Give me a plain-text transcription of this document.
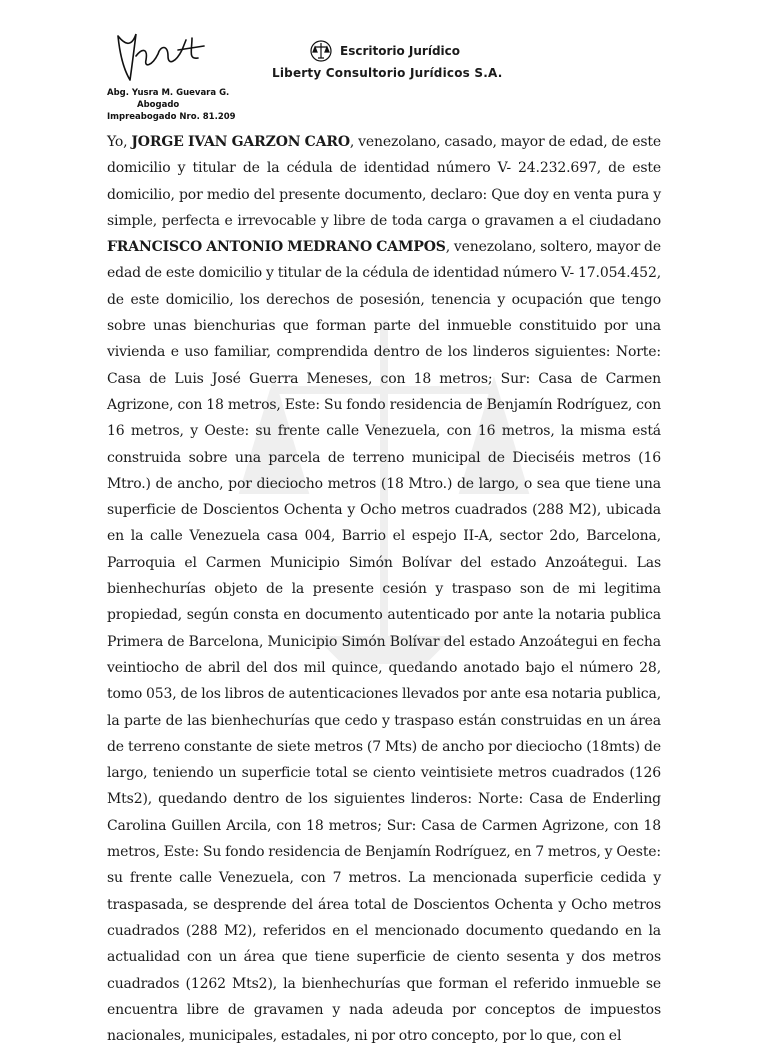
Abg. Yusra M. Guevara G.
Abogado
Impreabogado Nro. 81.209
Escritorio Jurídico
Liberty Consultorio Jurídicos S.A.
Yo, JORGE IVAN GARZON CARO, venezolano, casado, mayor de edad, de este domicilio y titular de la cédula de identidad número V- 24.232.697, de este domicilio, por medio del presente documento, declaro: Que doy en venta pura y simple, perfecta e irrevocable y libre de toda carga o gravamen a el ciudadano FRANCISCO ANTONIO MEDRANO CAMPOS, venezolano, soltero, mayor de edad de este domicilio y titular de la cédula de identidad número V- 17.054.452, de este domicilio, los derechos de posesión, tenencia y ocupación que tengo sobre unas bienchurias que forman parte del inmueble constituido por una vivienda e uso familiar, comprendida dentro de los linderos siguientes: Norte: Casa de Luis José Guerra Meneses, con 18 metros; Sur: Casa de Carmen Agrizone, con 18 metros, Este: Su fondo residencia de Benjamín Rodríguez, con 16 metros, y Oeste: su frente calle Venezuela, con 16 metros, la misma está construida sobre una parcela de terreno municipal de Dieciséis metros (16 Mtro.) de ancho, por dieciocho metros (18 Mtro.) de largo, o sea que tiene una superficie de Doscientos Ochenta y Ocho metros cuadrados (288 M2), ubicada en la calle Venezuela casa 004, Barrio el espejo II-A, sector 2do, Barcelona, Parroquia el Carmen Municipio Simón Bolívar del estado Anzoátegui. Las bienhechurías objeto de la presente cesión y traspaso son de mi legitima propiedad, según consta en documento autenticado por ante la notaria publica Primera de Barcelona, Municipio Simón Bolívar del estado Anzoátegui en fecha veintiocho de abril del dos mil quince, quedando anotado bajo el número 28, tomo 053, de los libros de autenticaciones llevados por ante esa notaria publica, la parte de las bienhechurías que cedo y traspaso están construidas en un área de terreno constante de siete metros (7 Mts) de ancho por dieciocho (18mts) de largo, teniendo un superficie total se ciento veintisiete metros cuadrados (126 Mts2), quedando dentro de los siguientes linderos: Norte: Casa de Enderling Carolina Guillen Arcila, con 18 metros; Sur: Casa de Carmen Agrizone, con 18 metros, Este: Su fondo residencia de Benjamín Rodríguez, en 7 metros, y Oeste: su frente calle Venezuela, con 7 metros. La mencionada superficie cedida y traspasada, se desprende del área total de Doscientos Ochenta y Ocho metros cuadrados (288 M2), referidos en el mencionado documento quedando en la actualidad con un área que tiene superficie de ciento sesenta y dos metros cuadrados (1262 Mts2), la bienhechurías que forman el referido inmueble se encuentra libre de gravamen y nada adeuda por conceptos de impuestos nacionales, municipales, estadales, ni por otro concepto, por lo que, con el
